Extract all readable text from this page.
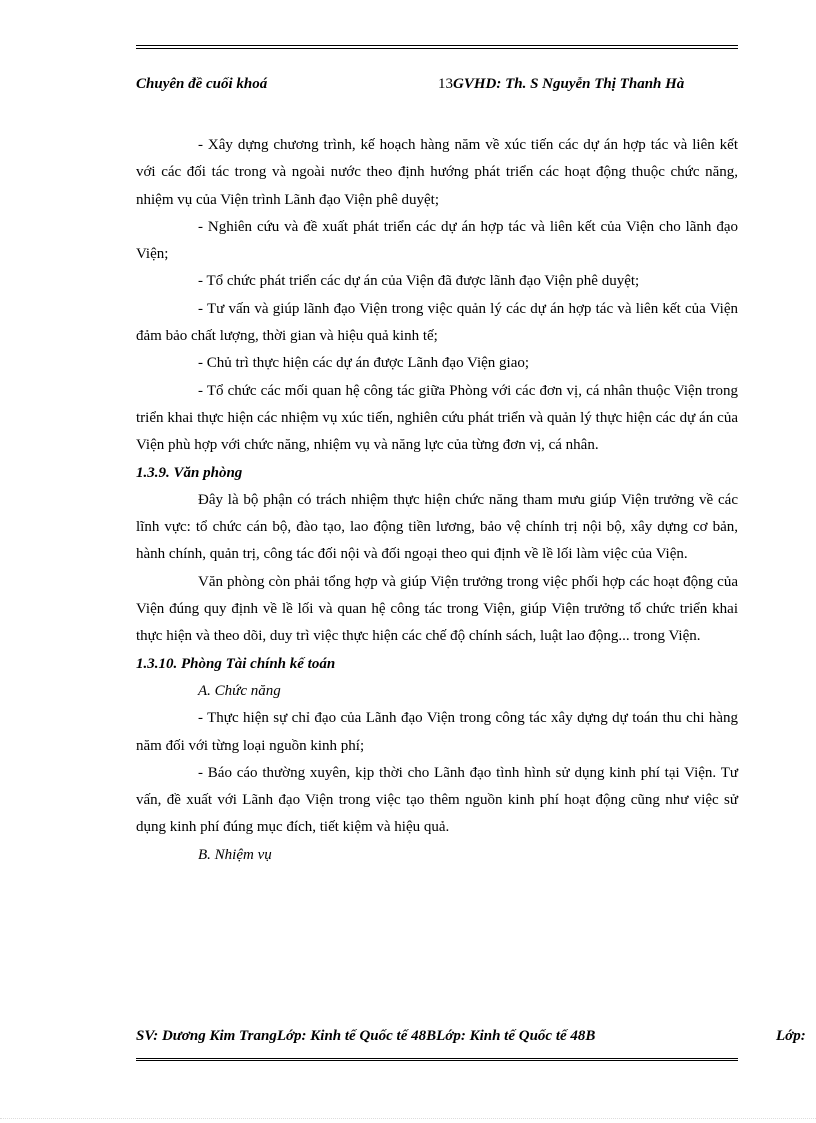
Chuyên đề cuối khoá	13GVHD: Th. S Nguyễn Thị Thanh Hà

- Xây dựng chương trình, kế hoạch hàng năm về xúc tiến các dự án hợp tác và liên kết với các đối tác trong và ngoài nước theo định hướng phát triển các hoạt động thuộc chức năng, nhiệm vụ của Viện trình Lãnh đạo Viện phê duyệt;

- Nghiên cứu và đề xuất phát triển các dự án hợp tác và liên kết của Viện cho lãnh đạo Viện;

- Tổ chức phát triển các dự án của Viện đã được lãnh đạo Viện phê duyệt;

- Tư vấn và giúp lãnh đạo Viện trong việc quản lý các dự án hợp tác và liên kết của Viện đảm bảo chất lượng, thời gian và hiệu quả kinh tế;

- Chủ trì thực hiện các dự án được Lãnh đạo Viện giao;

- Tổ chức các mối quan hệ công tác giữa Phòng với các đơn vị, cá nhân thuộc Viện trong triển khai thực hiện các nhiệm vụ xúc tiến, nghiên cứu phát triển và quản lý thực hiện các dự án của Viện phù hợp với chức năng, nhiệm vụ và năng lực của từng đơn vị, cá nhân.

1.3.9. Văn phòng

Đây là bộ phận có trách nhiệm thực hiện chức năng tham mưu giúp Viện trưởng về các lĩnh vực: tổ chức cán bộ, đào tạo, lao động tiền lương, bảo vệ chính trị nội bộ, xây dựng cơ bản, hành chính, quản trị, công tác đối nội và đối ngoại theo qui định về lề lối làm việc của Viện.

Văn phòng còn phải tổng hợp và giúp Viện trưởng trong việc phối hợp các hoạt động của Viện đúng quy định về lề lối và quan hệ công tác trong Viện, giúp Viện trưởng tổ chức triển khai thực hiện và theo dõi, duy trì việc thực hiện các chế độ chính sách, luật lao động... trong Viện.

1.3.10. Phòng Tài chính kế toán

A. Chức năng

- Thực hiện sự chỉ đạo của Lãnh đạo Viện trong công tác xây dựng dự toán thu chi hàng năm đối với từng loại nguồn kinh phí;

- Báo cáo thường xuyên, kịp thời cho Lãnh đạo tình hình sử dụng kinh phí tại Viện. Tư vấn, đề xuất với Lãnh đạo Viện trong việc tạo thêm nguồn kinh phí hoạt động cũng như việc sử dụng kinh phí đúng mục đích, tiết kiệm và hiệu quả.

B. Nhiệm vụ

SV: Dương Kim TrangLớp: Kinh tế Quốc tế 48BLớp: Kinh tế Quốc tế 48B	Lớp:
